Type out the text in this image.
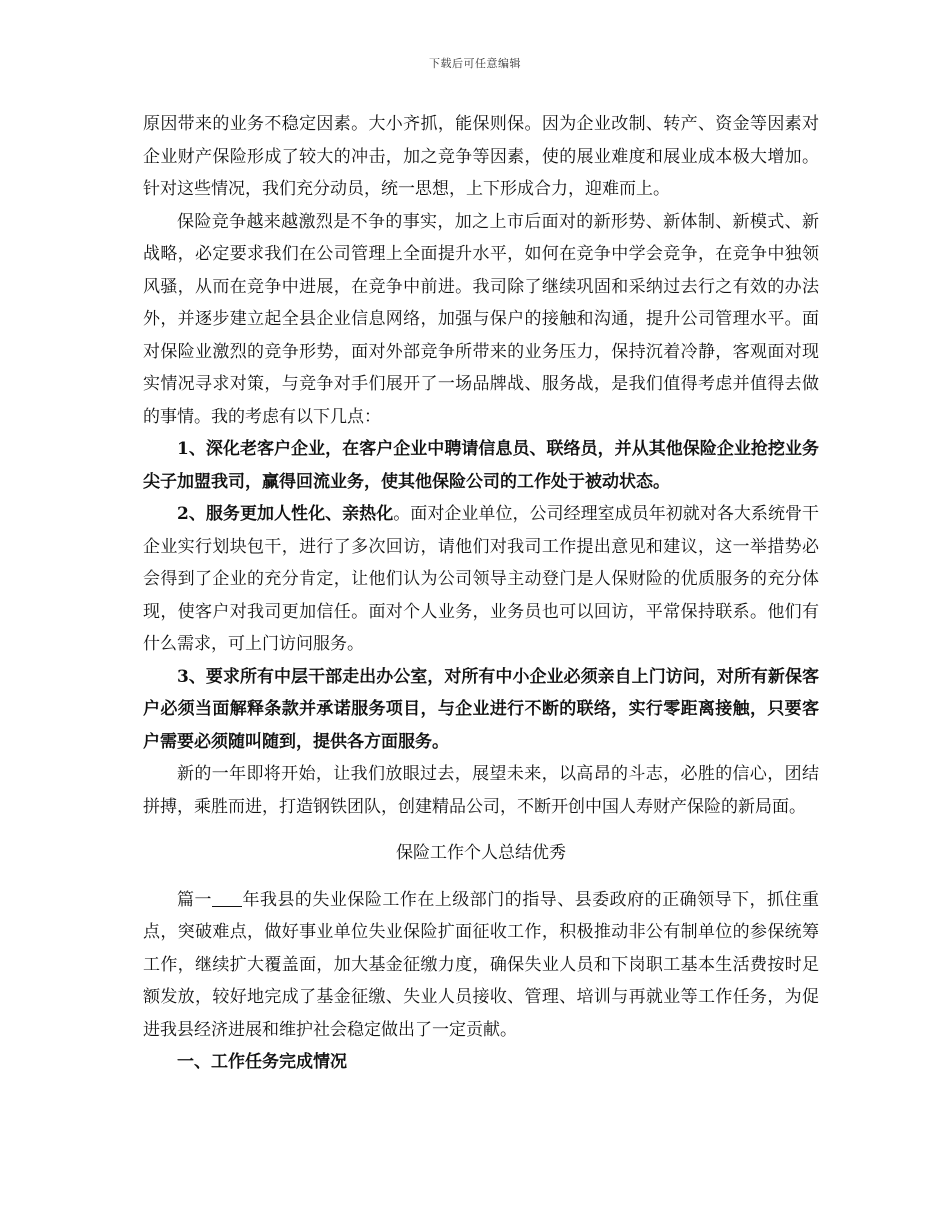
下载后可任意编辑

原因带来的业务不稳定因素。大小齐抓，能保则保。因为企业改制、转产、资金等因素对企业财产保险形成了较大的冲击，加之竞争等因素，使的展业难度和展业成本极大增加。针对这些情况，我们充分动员，统一思想，上下形成合力，迎难而上。

保险竞争越来越激烈是不争的事实，加之上市后面对的新形势、新体制、新模式、新战略，必定要求我们在公司管理上全面提升水平，如何在竞争中学会竞争，在竞争中独领风骚，从而在竞争中进展，在竞争中前进。我司除了继续巩固和采纳过去行之有效的办法外，并逐步建立起全县企业信息网络，加强与保户的接触和沟通，提升公司管理水平。面对保险业激烈的竞争形势，面对外部竞争所带来的业务压力，保持沉着冷静，客观面对现实情况寻求对策，与竞争对手们展开了一场品牌战、服务战，是我们值得考虑并值得去做的事情。我的考虑有以下几点：

1、深化老客户企业，在客户企业中聘请信息员、联络员，并从其他保险企业抢挖业务尖子加盟我司，赢得回流业务，使其他保险公司的工作处于被动状态。

2、服务更加人性化、亲热化。面对企业单位，公司经理室成员年初就对各大系统骨干企业实行划块包干，进行了多次回访，请他们对我司工作提出意见和建议，这一举措势必会得到了企业的充分肯定，让他们认为公司领导主动登门是人保财险的优质服务的充分体现，使客户对我司更加信任。面对个人业务，业务员也可以回访，平常保持联系。他们有什么需求，可上门访问服务。

3、要求所有中层干部走出办公室，对所有中小企业必须亲自上门访问，对所有新保客户必须当面解释条款并承诺服务项目，与企业进行不断的联络，实行零距离接触，只要客户需要必须随叫随到，提供各方面服务。

新的一年即将开始，让我们放眼过去，展望未来，以高昂的斗志，必胜的信心，团结拼搏，乘胜而进，打造钢铁团队，创建精品公司，不断开创中国人寿财产保险的新局面。

保险工作个人总结优秀

篇一 年我县的失业保险工作在上级部门的指导、县委政府的正确领导下，抓住重点，突破难点，做好事业单位失业保险扩面征收工作，积极推动非公有制单位的参保统筹工作，继续扩大覆盖面，加大基金征缴力度，确保失业人员和下岗职工基本生活费按时足额发放，较好地完成了基金征缴、失业人员接收、管理、培训与再就业等工作任务，为促进我县经济进展和维护社会稳定做出了一定贡献。

一、工作任务完成情况
